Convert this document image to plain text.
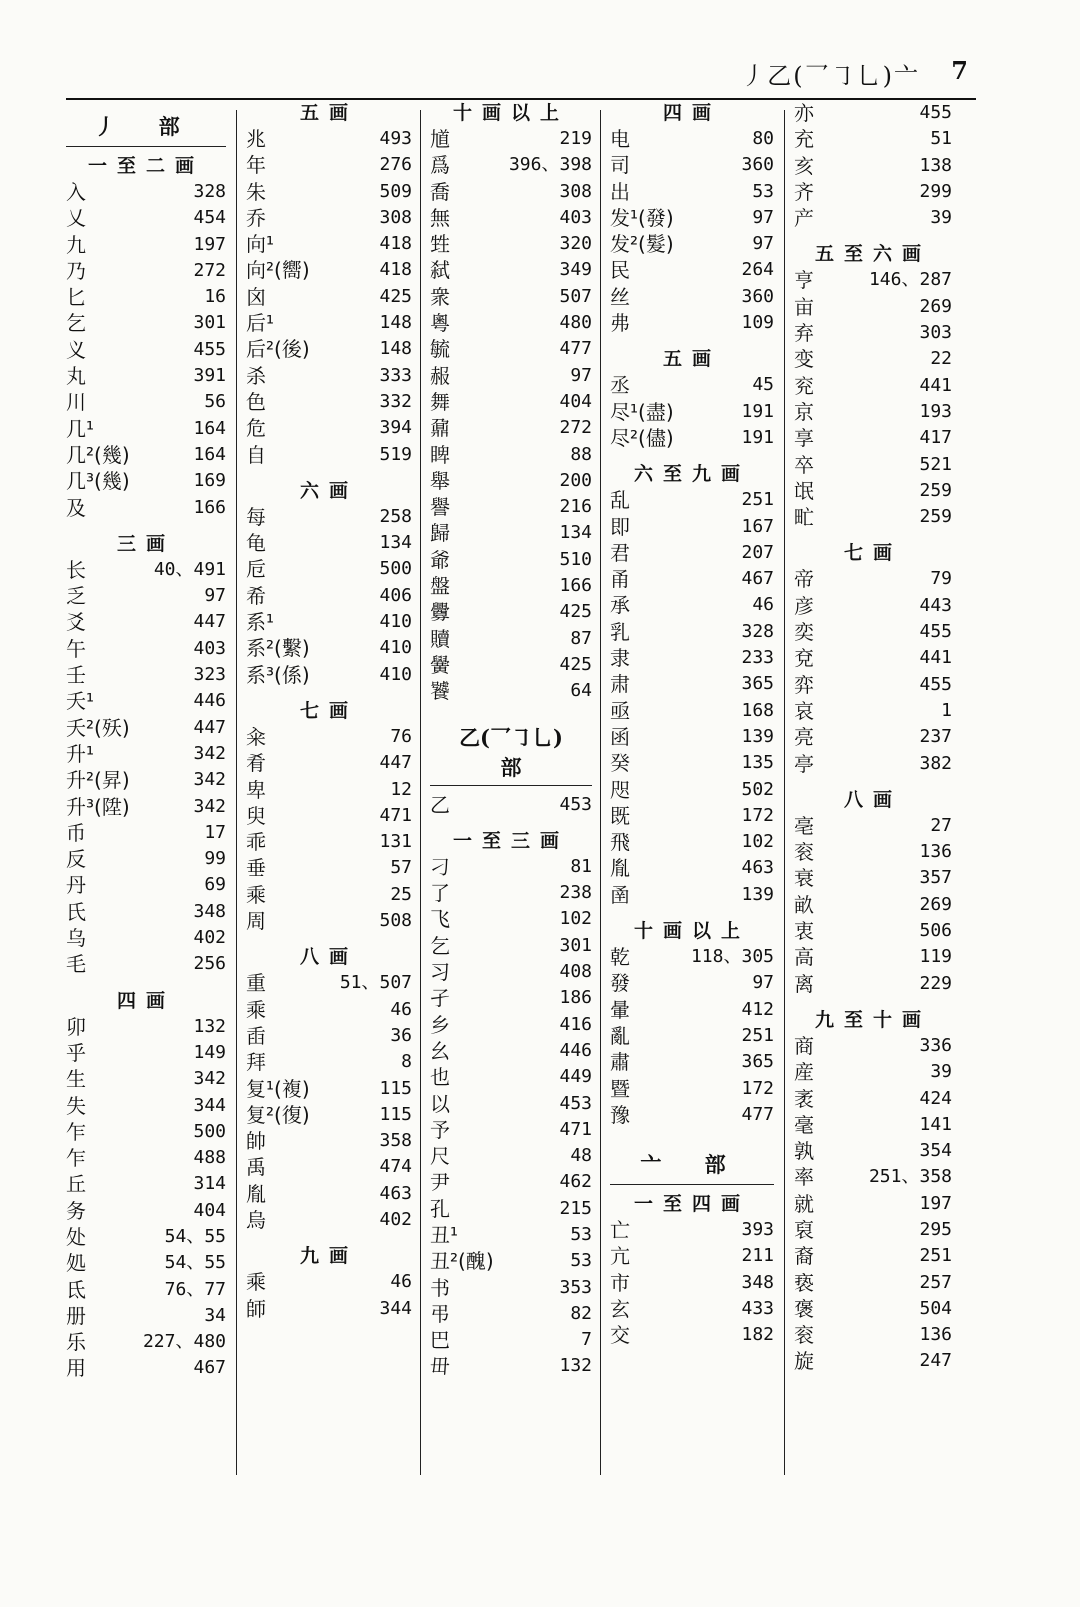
丿乙(乛㇆乚)亠 7
丿 部
一至二画
入	328
乂	454
九	197
乃	272
匕	16
乞	301
义	455
丸	391
川	56
几¹	164
几²(幾)	164
几³(幾)	169
及	166
三画
长	40、491
乏	97
爻	447
午	403
壬	323
夭¹	446
夭²(殀)	447
升¹	342
升²(昇)	342
升³(陞)	342
币	17
反	99
丹	69
氏	348
乌	402
毛	256
四画
卯	132
乎	149
生	342
失	344
乍	500
乍	488
丘	314
务	404
处	54、55
処	54、55
氐	76、77
册	34
乐	227、480
用	467
五画
兆	493
年	276
朱	509
乔	308
向¹	418
向²(嚮)	418
囟	425
后¹	148
后²(後)	148
杀	333
色	332
危	394
自	519
六画
每	258
龟	134
卮	500
希	406
系¹	410
系²(繫)	410
系³(係)	410
七画
籴	76
肴	447
卑	12
臾	471
乖	131
垂	57
乘	25
周	508
八画
重	51、507
乘	46
臿	36
拜	8
复¹(複)	115
复²(復)	115
帥	358
禹	474
胤	463
烏	402
九画
乘	46
師	344
十画以上
馗	219
爲	396、398
喬	308
無	403
甡	320
弑	349
衆	507
粵	480
毓	477
赧	97
舞	404
鼐	272
睥	88
舉	200
譽	216
歸	134
爺	510
盤	166
釁	425
贖	87
黌	425
饕	64
乙(乛㇆乚)
部
乙	453
一至三画
刁	81
了	238
飞	102
乞	301
习	408
孑	186
乡	416
幺	446
也	449
以	453
予	471
尺	48
尹	462
孔	215
丑¹	53
丑²(醜)	53
书	353
弔	82
巴	7
毌	132
四画
电	80
司	360
出	53
发¹(發)	97
发²(髮)	97
民	264
丝	360
弗	109
五画
丞	45
尽¹(盡)	191
尽²(儘)	191
六至九画
乱	251
即	167
君	207
甬	467
承	46
乳	328
隶	233
肃	365
亟	168
函	139
癸	135
咫	502
既	172
飛	102
胤	463
圅	139
十画以上
乾	118、305
發	97
暈	412
亂	251
肅	365
暨	172
豫	477
亠 部
一至四画
亡	393
亢	211
市	348
玄	433
交	182
亦	455
充	51
亥	138
齐	299
产	39
五至六画
亨	146、287
亩	269
弃	303
变	22
兖	441
京	193
享	417
卒	521
氓	259
甿	259
七画
帝	79
彦	443
奕	455
兗	441
弈	455
哀	1
亮	237
亭	382
八画
亳	27
衮	136
衰	357
畝	269
衷	506
高	119
离	229
九至十画
商	336
産	39
袤	424
毫	141
孰	354
率	251、358
就	197
裒	295
裔	251
亵	257
褒	504
衮	136
旋	247
